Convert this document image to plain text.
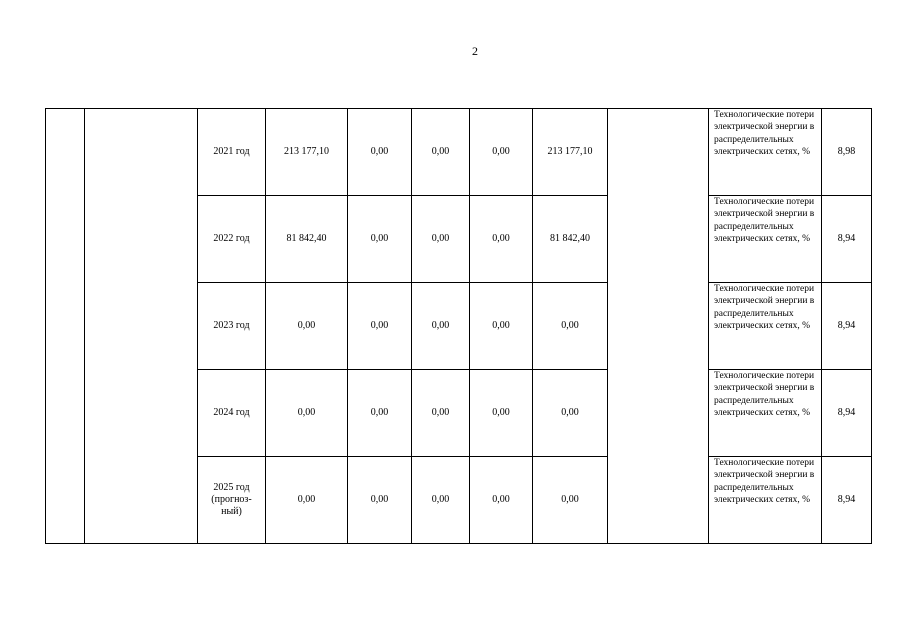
2
		2021 год	213 177,10	0,00	0,00	0,00	213 177,10		Технологические потери электрической энергии в распределительных электрических сетях, %	8,98
		2022 год	81 842,40	0,00	0,00	0,00	81 842,40		Технологические потери электрической энергии в распределительных электрических сетях, %	8,94
		2023 год	0,00	0,00	0,00	0,00	0,00		Технологические потери электрической энергии в распределительных электрических сетях, %	8,94
		2024 год	0,00	0,00	0,00	0,00	0,00		Технологические потери электрической энергии в распределительных электрических сетях, %	8,94
		2025 год
(прогноз-
ный)	0,00	0,00	0,00	0,00	0,00		Технологические потери электрической энергии в распределительных электрических сетях, %	8,94
